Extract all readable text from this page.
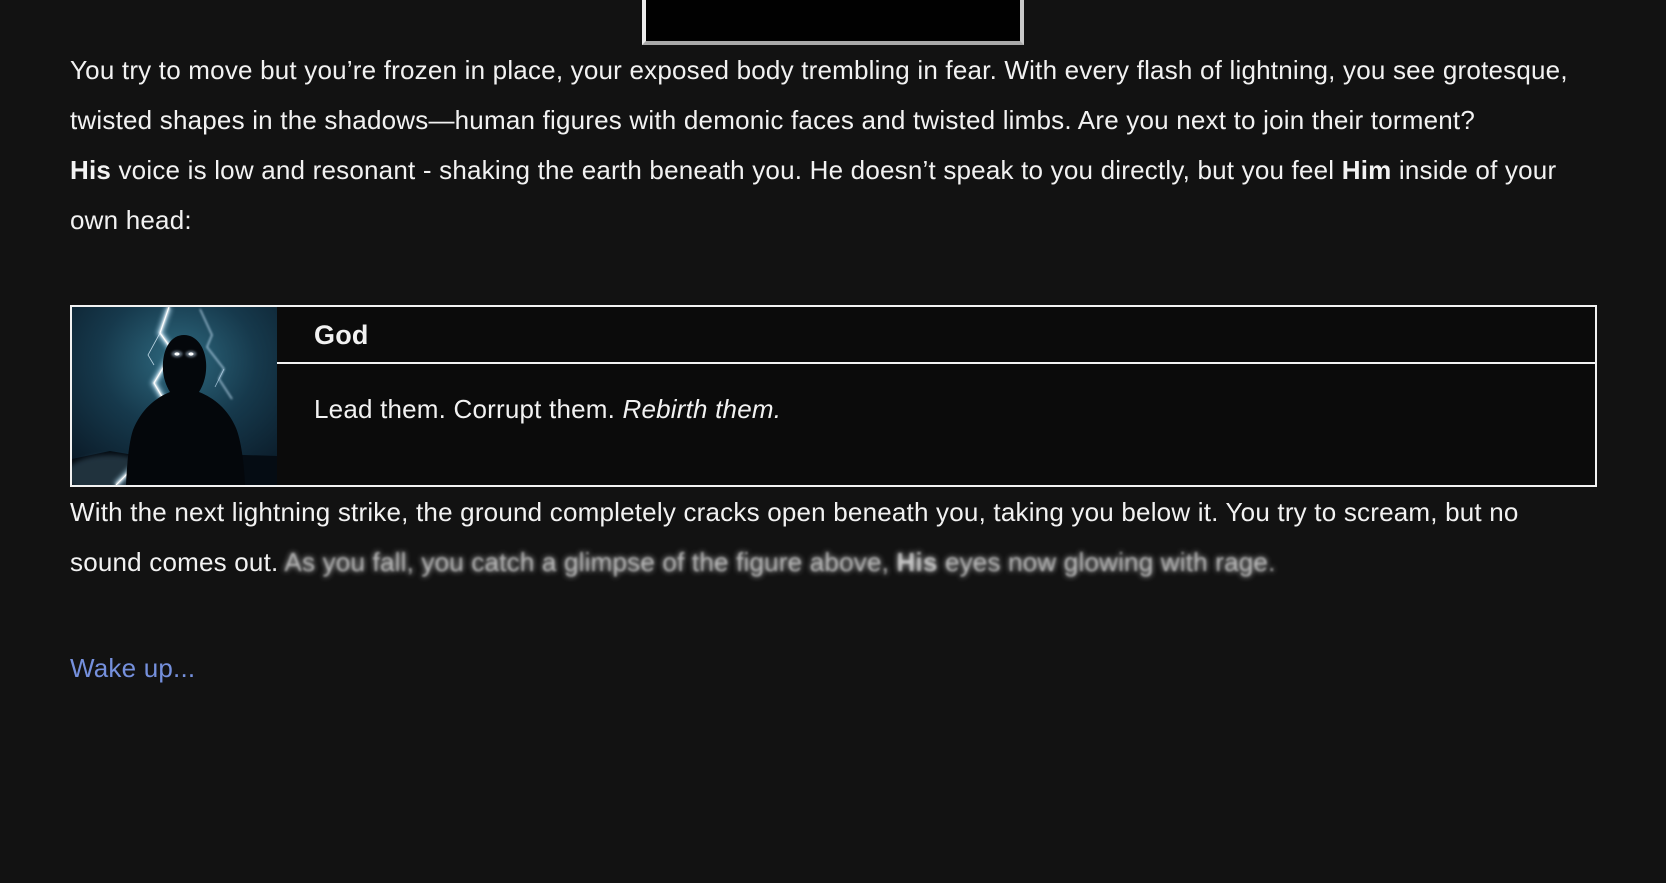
You try to move but you’re frozen in place, your exposed body trembling in fear. With every flash of lightning, you see grotesque, twisted shapes in the shadows—human figures with demonic faces and twisted limbs. Are you next to join their torment?

His voice is low and resonant - shaking the earth beneath you. He doesn’t speak to you directly, but you feel Him inside of your own head:

God
Lead them. Corrupt them. Rebirth them.

With the next lightning strike, the ground completely cracks open beneath you, taking you below it. You try to scream, but no sound comes out. As you fall, you catch a glimpse of the figure above, His eyes now glowing with rage.

Wake up...
